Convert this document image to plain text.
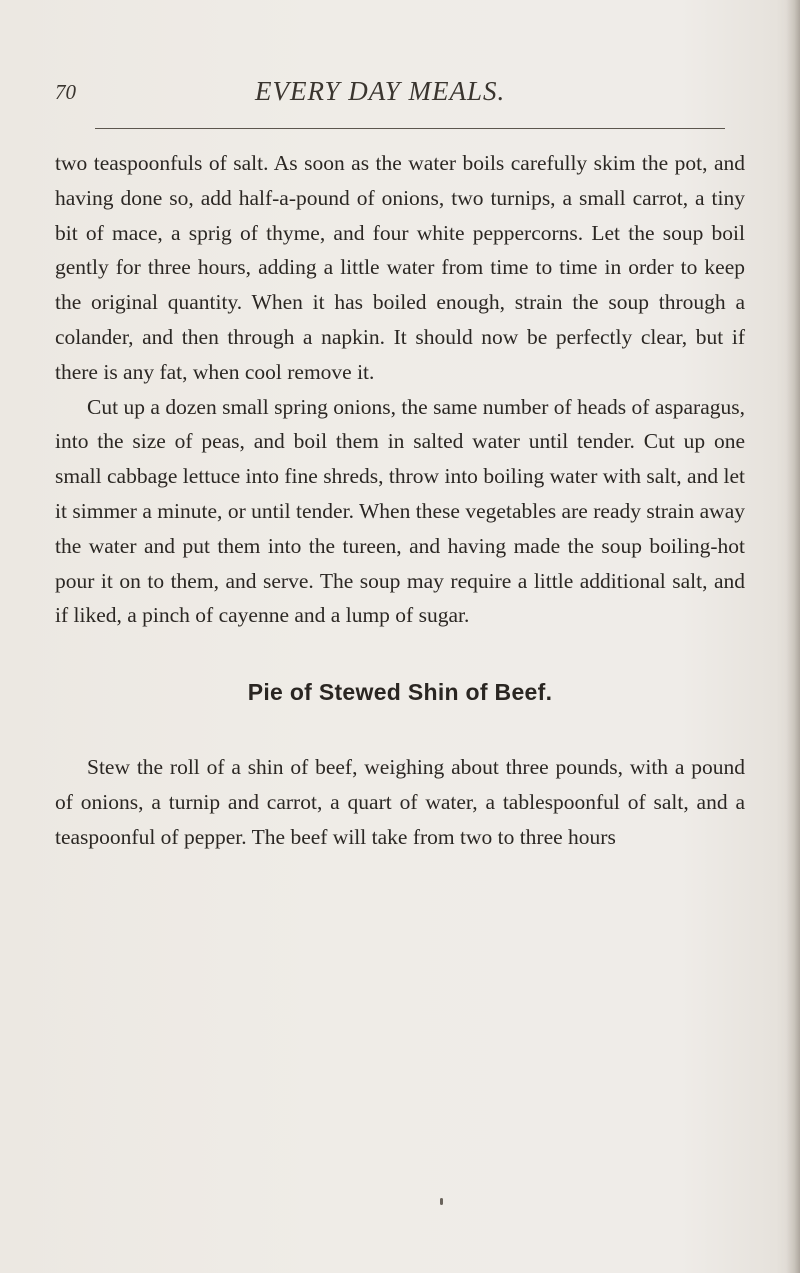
70	EVERY DAY MEALS.

two teaspoonfuls of salt. As soon as the water boils carefully skim the pot, and having done so, add half-a-pound of onions, two turnips, a small carrot, a tiny bit of mace, a sprig of thyme, and four white peppercorns. Let the soup boil gently for three hours, adding a little water from time to time in order to keep the original quantity. When it has boiled enough, strain the soup through a colander, and then through a napkin. It should now be perfectly clear, but if there is any fat, when cool remove it.

Cut up a dozen small spring onions, the same number of heads of asparagus, into the size of peas, and boil them in salted water until tender. Cut up one small cabbage lettuce into fine shreds, throw into boiling water with salt, and let it simmer a minute, or until tender. When these vegetables are ready strain away the water and put them into the tureen, and having made the soup boiling-hot pour it on to them, and serve. The soup may require a little additional salt, and if liked, a pinch of cayenne and a lump of sugar.

Pie of Stewed Shin of Beef.

Stew the roll of a shin of beef, weighing about three pounds, with a pound of onions, a turnip and carrot, a quart of water, a tablespoonful of salt, and a teaspoonful of pepper. The beef will take from two to three hours
